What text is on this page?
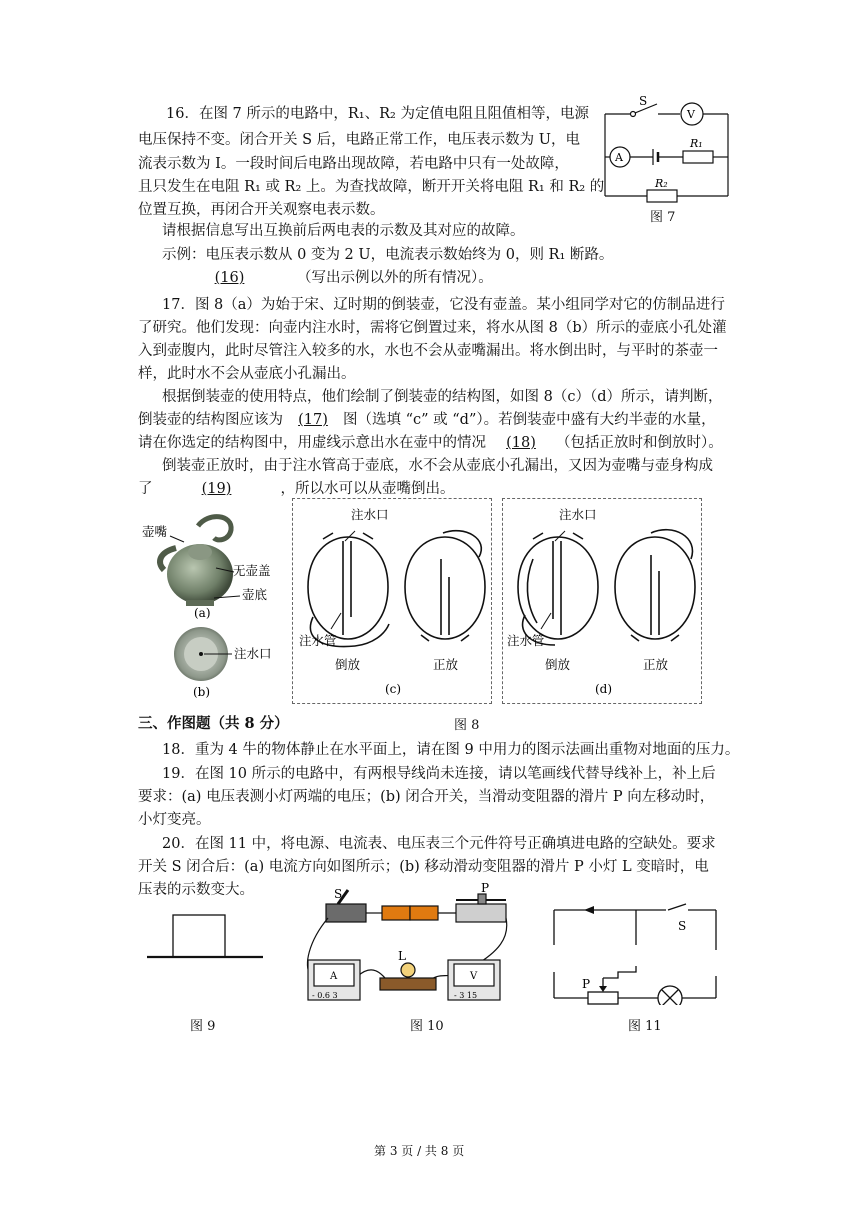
16．在图 7 所示的电路中，R₁、R₂ 为定值电阻且阻值相等，电源
电压保持不变。闭合开关 S 后，电路正常工作，电压表示数为 U，电
流表示数为 I。一段时间后电路出现故障，若电路中只有一处故障，
且只发生在电阻 R₁ 或 R₂ 上。为查找故障，断开开关将电阻 R₁ 和 R₂ 的
位置互换，再闭合开关观察电表示数。
请根据信息写出互换前后两电表的示数及其对应的故障。
示例：电压表示数从 0 变为 2 U，电流表示数始终为 0，则 R₁ 断路。
(16)	（写出示例以外的所有情况）。
S
V
A
R₁
R₂
图 7
17．图 8（a）为始于宋、辽时期的倒装壶，它没有壶盖。某小组同学对它的仿制品进行
了研究。他们发现：向壶内注水时，需将它倒置过来，将水从图 8（b）所示的壶底小孔处灌
入到壶腹内，此时尽管注入较多的水，水也不会从壶嘴漏出。将水倒出时，与平时的茶壶一
样，此时水不会从壶底小孔漏出。
根据倒装壶的使用特点，他们绘制了倒装壶的结构图，如图 8（c）（d）所示，请判断，
倒装壶的结构图应该为 (17) 图（选填 “c” 或 “d”）。若倒装壶中盛有大约半壶的水量，
请在你选定的结构图中，用虚线示意出水在壶中的情况 (18) （包括正放时和倒放时）。
倒装壶正放时，由于注水管高于壶底，水不会从壶底小孔漏出，又因为壶嘴与壶身构成
了	(19)	，所以水可以从壶嘴倒出。
壶嘴
无壶盖
壶底
(a)
注水口
(b)
注水口
注水管
倒放	正放
(c)
注水口
注水管
倒放	正放
(d)
图 8
三、作图题（共 8 分）
18．重为 4 牛的物体静止在水平面上，请在图 9 中用力的图示法画出重物对地面的压力。
19．在图 10 所示的电路中，有两根导线尚未连接，请以笔画线代替导线补上，补上后
要求：(a) 电压表测小灯两端的电压；(b) 闭合开关，当滑动变阻器的滑片 P 向左移动时，
小灯变亮。
20．在图 11 中，将电源、电流表、电压表三个元件符号正确填进电路的空缺处。要求
开关 S 闭合后：(a) 电流方向如图所示；(b) 移动滑动变阻器的滑片 P 小灯 L 变暗时，电
压表的示数变大。
图 9
S	P
L
A	V
- 0.6 3	- 3 15
图 10
S
P
图 11
第 3 页 / 共 8 页
